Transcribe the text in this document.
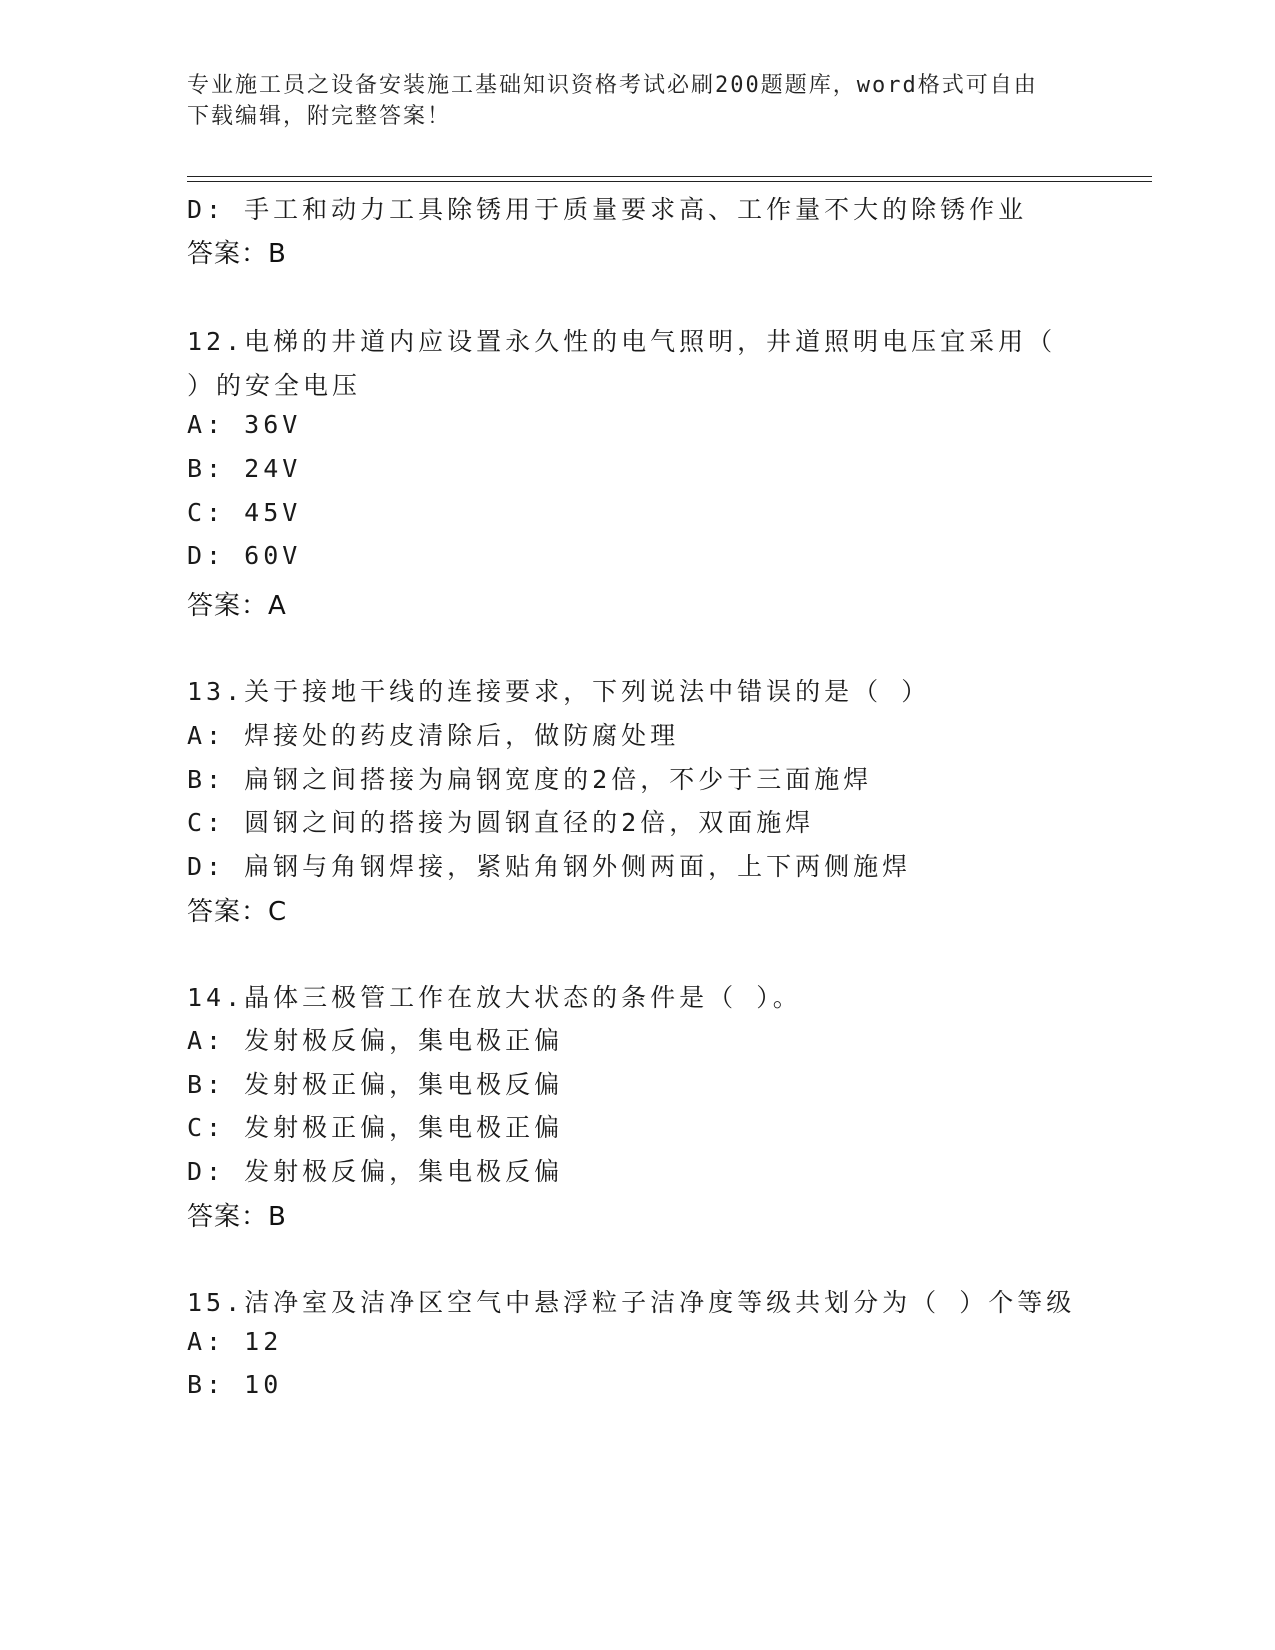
专业施工员之设备安装施工基础知识资格考试必刷200题题库，word格式可自由
下载编辑，附完整答案！
D: 手工和动力工具除锈用于质量要求高、工作量不大的除锈作业
答案：B
12.电梯的井道内应设置永久性的电气照明，井道照明电压宜采用（
）的安全电压
A: 36V
B: 24V
C: 45V
D: 60V
答案：A
13.关于接地干线的连接要求，下列说法中错误的是（ ）
A: 焊接处的药皮清除后，做防腐处理
B: 扁钢之间搭接为扁钢宽度的2倍，不少于三面施焊
C: 圆钢之间的搭接为圆钢直径的2倍，双面施焊
D: 扁钢与角钢焊接，紧贴角钢外侧两面，上下两侧施焊
答案：C
14.晶体三极管工作在放大状态的条件是（ ）。
A: 发射极反偏，集电极正偏
B: 发射极正偏，集电极反偏
C: 发射极正偏，集电极正偏
D: 发射极反偏，集电极反偏
答案：B
15.洁净室及洁净区空气中悬浮粒子洁净度等级共划分为（ ）个等级
A: 12
B: 10
